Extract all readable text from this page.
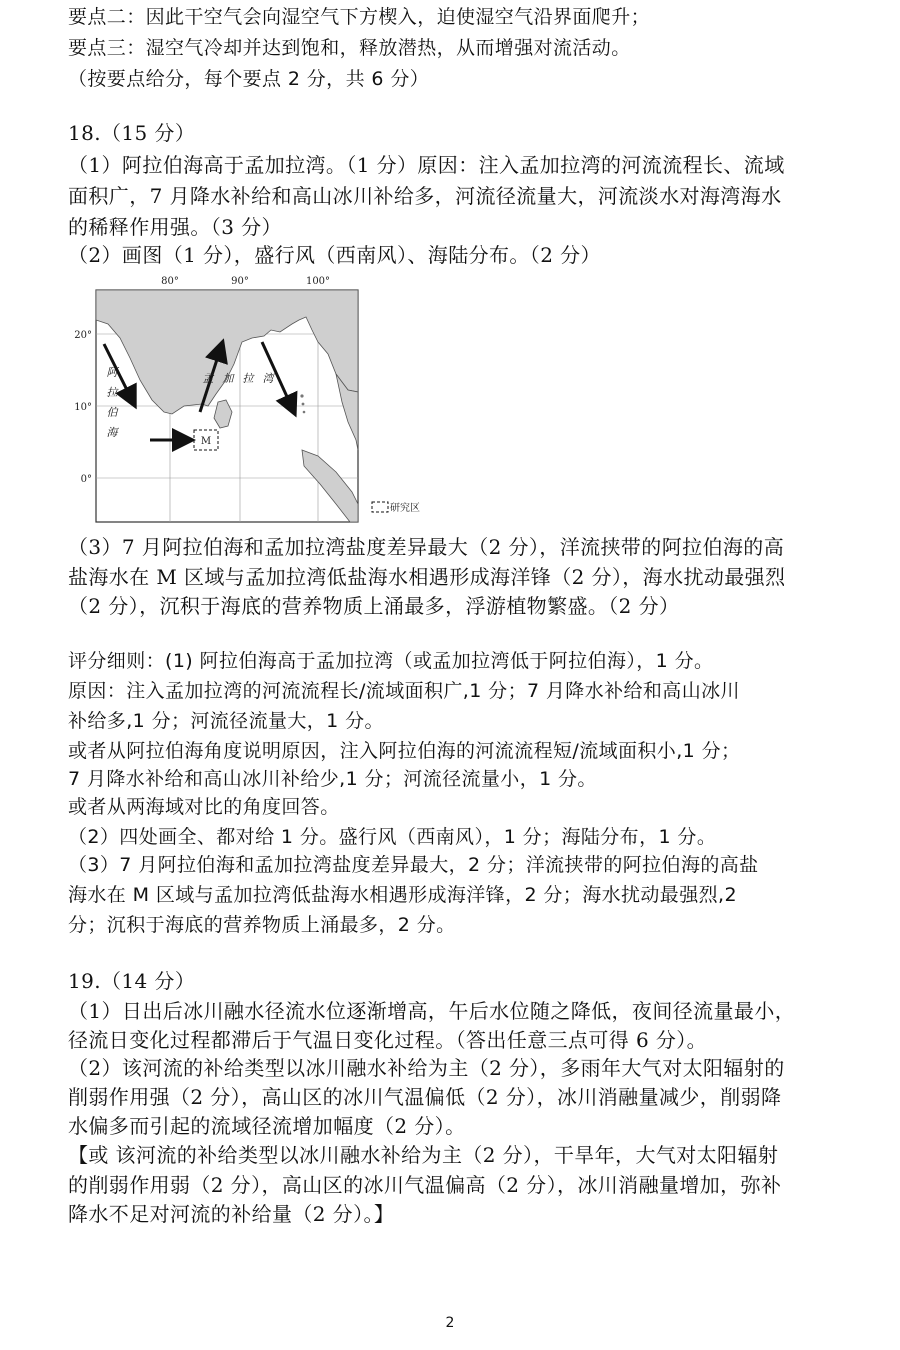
要点二：因此干空气会向湿空气下方楔入，迫使湿空气沿界面爬升；
要点三：湿空气冷却并达到饱和，释放潜热，从而增强对流活动。
（按要点给分，每个要点 2 分，共 6 分）
18.（15 分）
（1）阿拉伯海高于孟加拉湾。（1 分）原因：注入孟加拉湾的河流流程长、流域
面积广，7 月降水补给和高山冰川补给多，河流径流量大，河流淡水对海湾海水
的稀释作用强。（3 分）
（2）画图（1 分），盛行风（西南风）、海陆分布。（2 分）
M
80°	90°	100°
20°
10°
0°
阿
拉
伯
海
孟 加 拉 湾
研究区
（3）7 月阿拉伯海和孟加拉湾盐度差异最大（2 分），洋流挟带的阿拉伯海的高
盐海水在 M 区域与孟加拉湾低盐海水相遇形成海洋锋（2 分），海水扰动最强烈
（2 分），沉积于海底的营养物质上涌最多，浮游植物繁盛。（2 分）
评分细则：(1) 阿拉伯海高于孟加拉湾（或孟加拉湾低于阿拉伯海），1 分。
原因：注入孟加拉湾的河流流程长/流域面积广,1 分；7 月降水补给和高山冰川
补给多,1 分；河流径流量大，1 分。
或者从阿拉伯海角度说明原因，注入阿拉伯海的河流流程短/流域面积小,1 分；
7 月降水补给和高山冰川补给少,1 分；河流径流量小，1 分。
或者从两海域对比的角度回答。
（2）四处画全、都对给 1 分。盛行风（西南风），1 分；海陆分布，1 分。
（3）7 月阿拉伯海和孟加拉湾盐度差异最大，2 分；洋流挟带的阿拉伯海的高盐
海水在 M 区域与孟加拉湾低盐海水相遇形成海洋锋，2 分；海水扰动最强烈,2
分；沉积于海底的营养物质上涌最多，2 分。
19.（14 分）
（1）日出后冰川融水径流水位逐渐增高，午后水位随之降低，夜间径流量最小，
径流日变化过程都滞后于气温日变化过程。（答出任意三点可得 6 分）。
（2）该河流的补给类型以冰川融水补给为主（2 分），多雨年大气对太阳辐射的
削弱作用强（2 分），高山区的冰川气温偏低（2 分），冰川消融量减少，削弱降
水偏多而引起的流域径流增加幅度（2 分）。
【或 该河流的补给类型以冰川融水补给为主（2 分），干旱年，大气对太阳辐射
的削弱作用弱（2 分），高山区的冰川气温偏高（2 分），冰川消融量增加，弥补
降水不足对河流的补给量（2 分）。】
2
